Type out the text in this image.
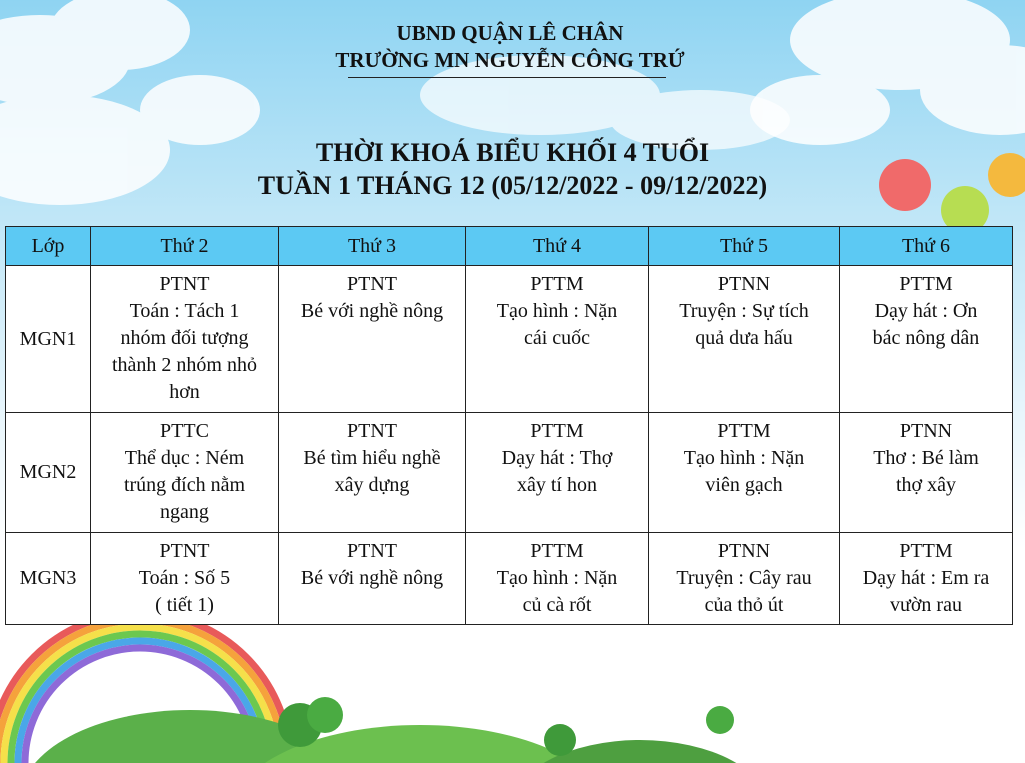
UBND QUẬN LÊ CHÂN
TRƯỜNG MN NGUYỄN CÔNG TRỨ
THỜI KHOÁ BIỂU KHỐI 4 TUỔI
TUẦN 1 THÁNG 12 (05/12/2022 - 09/12/2022)
Lớp	Thứ 2	Thứ 3	Thứ 4	Thứ 5	Thứ 6
MGN1	PTNT
Toán : Tách 1
nhóm đối tượng
thành 2 nhóm nhỏ
hơn	PTNT
Bé với nghề nông	PTTM
Tạo hình : Nặn
cái cuốc	PTNN
Truyện : Sự tích
quả dưa hấu	PTTM
Dạy hát : Ơn
bác nông dân

MGN2	PTTC
Thể dục : Ném
trúng đích nằm
ngang	PTNT
Bé tìm hiểu nghề
xây dựng	PTTM
Dạy hát : Thợ
xây tí hon	PTTM
Tạo hình : Nặn
viên gạch	PTNN
Thơ : Bé làm
thợ xây

MGN3	PTNT
Toán : Số 5
( tiết 1)	PTNT
Bé với nghề nông	PTTM
Tạo hình : Nặn
củ cà rốt	PTNN
Truyện : Cây rau
của thỏ út	PTTM
Dạy hát : Em ra
vườn rau
